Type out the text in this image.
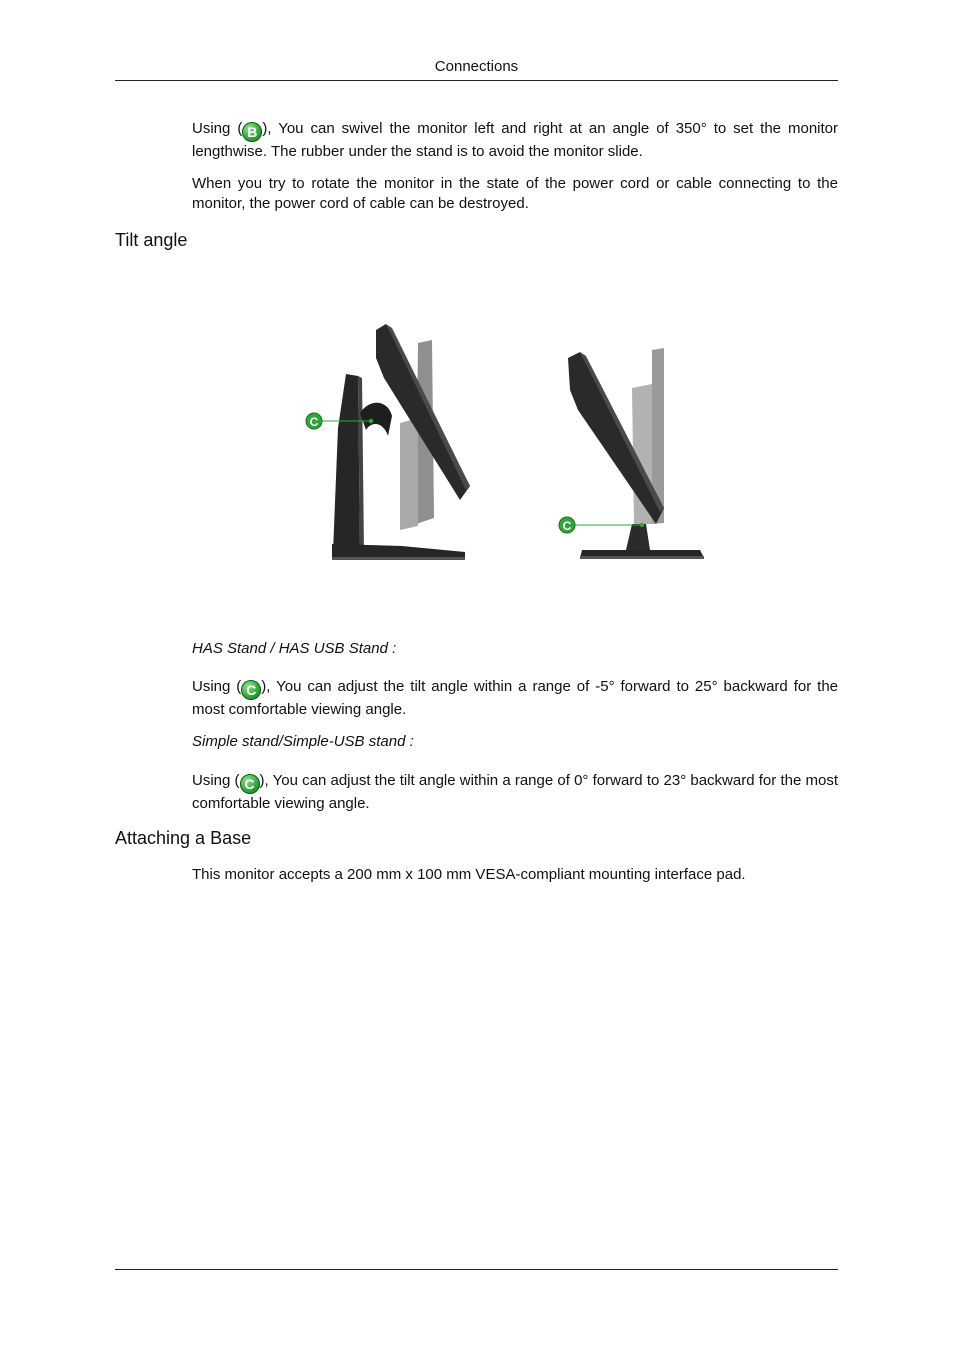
Connections
Using ( B ), You can swivel the monitor left and right at an angle of 350° to set the monitor lengthwise. The rubber under the stand is to avoid the monitor slide.
When you try to rotate the monitor in the state of the power cord or cable connecting to the monitor, the power cord of cable can be destroyed.
Tilt angle
C
C
HAS Stand / HAS USB Stand :
Using ( C ), You can adjust the tilt angle within a range of -5° forward to 25° backward for the most comfortable viewing angle.
Simple stand/Simple-USB stand :
Using ( C ), You can adjust the tilt angle within a range of 0° forward to 23° backward for the most comfortable viewing angle.
Attaching a Base
This monitor accepts a 200 mm x 100 mm VESA-compliant mounting interface pad.
